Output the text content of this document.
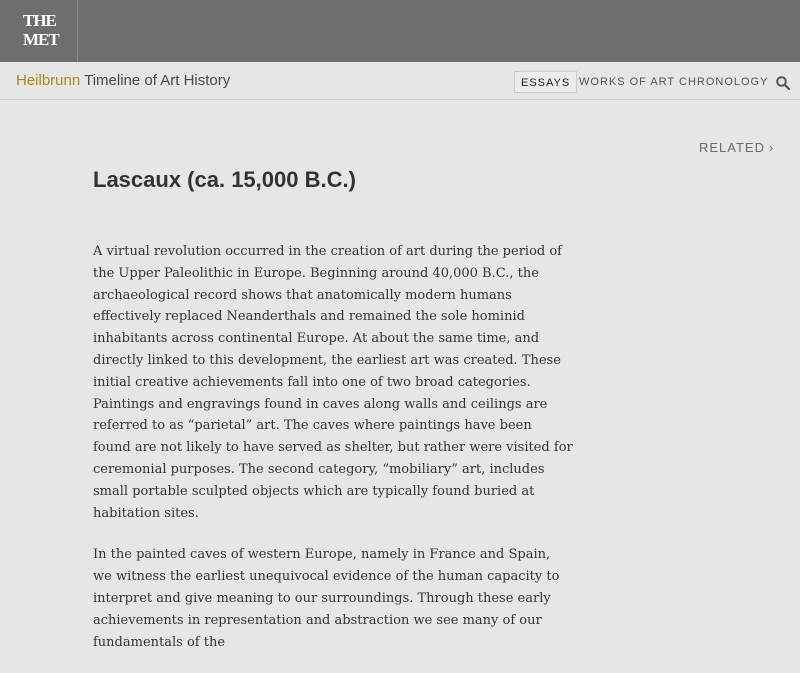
THE
MET
Heilbrunn Timeline of Art History	ESSAYS WORKS OF ART CHRONOLOGY
RELATED ›
Lascaux (ca. 15,000 B.C.)

A virtual revolution occurred in the creation of art during the period of the Upper Paleolithic in Europe. Beginning around 40,000 B.C., the archaeological record shows that anatomically modern humans effectively replaced Neanderthals and remained the sole hominid inhabitants across continental Europe. At about the same time, and directly linked to this development, the earliest art was created. These initial creative achievements fall into one of two broad categories. Paintings and engravings found in caves along walls and ceilings are referred to as “parietal” art. The caves where paintings have been found are not likely to have served as shelter, but rather were visited for ceremonial purposes. The second category, “mobiliary” art, includes small portable sculpted objects which are typically found buried at habitation sites.

In the painted caves of western Europe, namely in France and Spain, we witness the earliest unequivocal evidence of the human capacity to interpret and give meaning to our surroundings. Through these early achievements in representation and abstraction we see many of our fundamentals of the
